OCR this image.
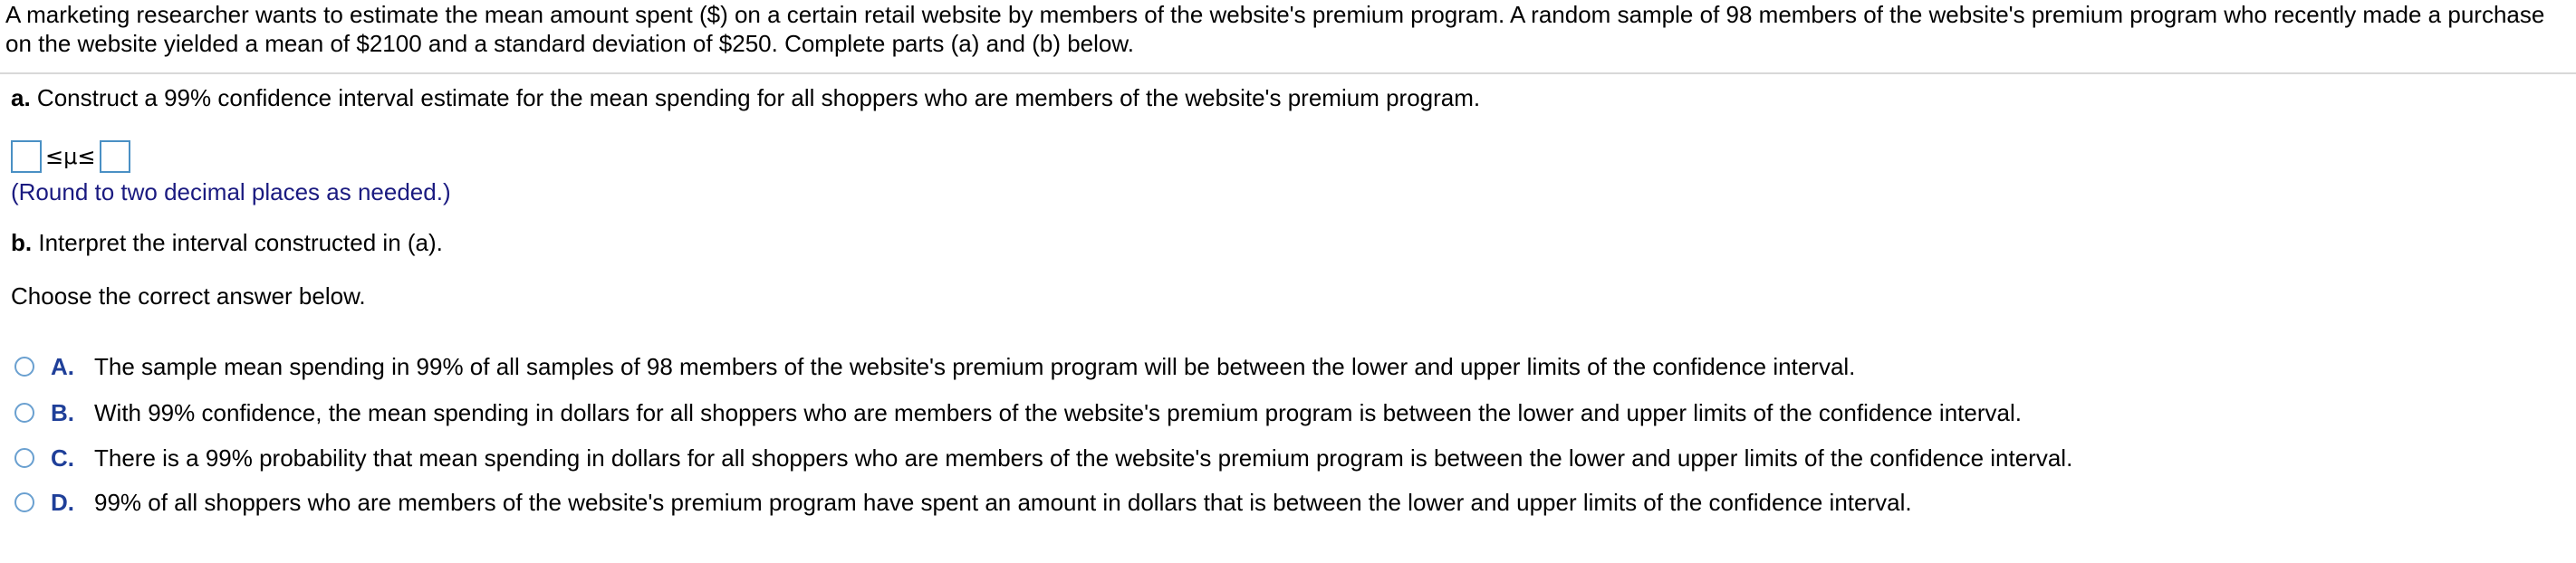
A marketing researcher wants to estimate the mean amount spent ($) on a certain retail website by members of the website's premium program. A random sample of 98 members of the website's premium program who recently made a purchase on the website yielded a mean of $2100 and a standard deviation of $250. Complete parts (a) and (b) below.

a. Construct a 99% confidence interval estimate for the mean spending for all shoppers who are members of the website's premium program.
≤μ≤
(Round to two decimal places as needed.)
b. Interpret the interval constructed in (a).
Choose the correct answer below.
A. The sample mean spending in 99% of all samples of 98 members of the website's premium program will be between the lower and upper limits of the confidence interval.
B. With 99% confidence, the mean spending in dollars for all shoppers who are members of the website's premium program is between the lower and upper limits of the confidence interval.
C. There is a 99% probability that mean spending in dollars for all shoppers who are members of the website's premium program is between the lower and upper limits of the confidence interval.
D. 99% of all shoppers who are members of the website's premium program have spent an amount in dollars that is between the lower and upper limits of the confidence interval.
